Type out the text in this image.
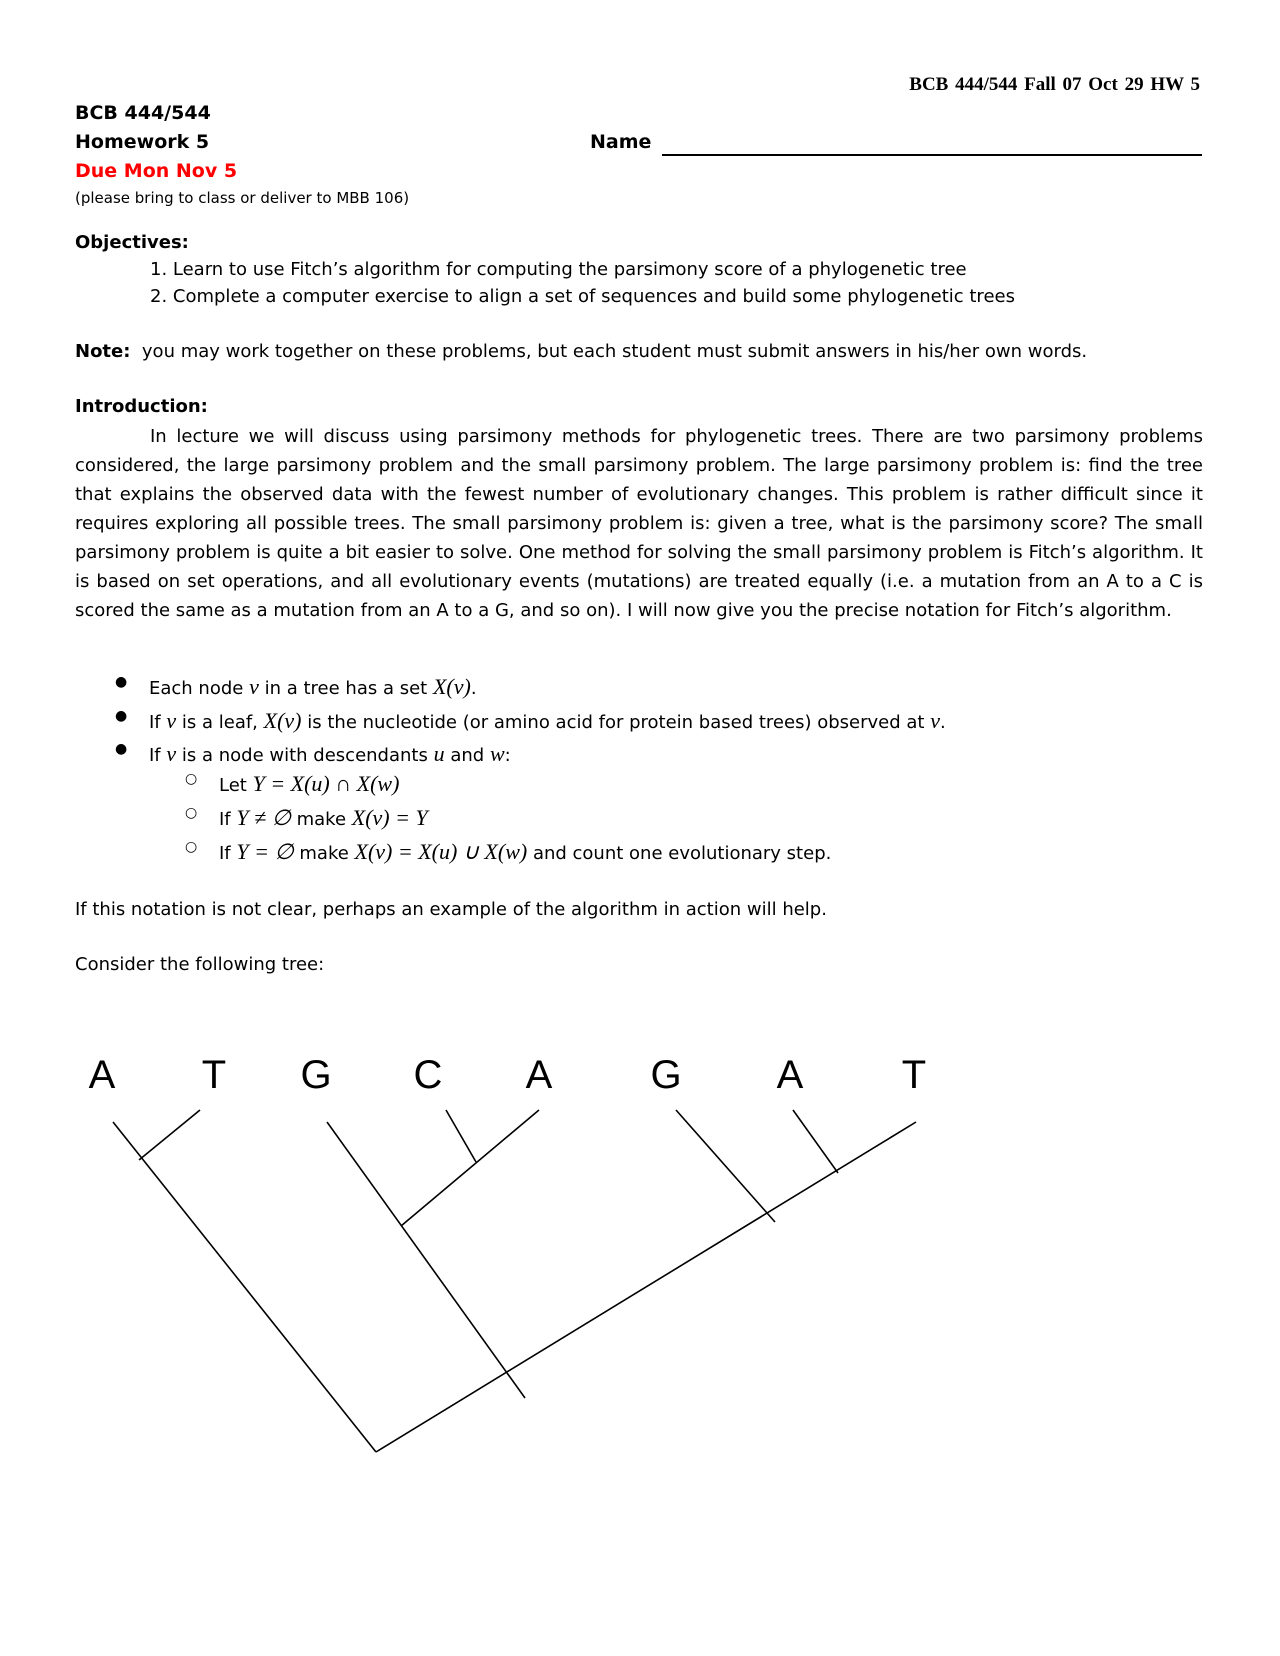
BCB 444/544 Fall 07 Oct 29 HW 5
BCB 444/544
Homework 5
Due Mon Nov 5
(please bring to class or deliver to MBB 106)
Name
Objectives:
1. Learn to use Fitch’s algorithm for computing the parsimony score of a phylogenetic tree
2. Complete a computer exercise to align a set of sequences and build some phylogenetic trees
Note: you may work together on these problems, but each student must submit answers in his/her own words.
Introduction:
In lecture we will discuss using parsimony methods for phylogenetic trees. There are two parsimony problems considered, the large parsimony problem and the small parsimony problem. The large parsimony problem is: find the tree that explains the observed data with the fewest number of evolutionary changes. This problem is rather difficult since it requires exploring all possible trees. The small parsimony problem is: given a tree, what is the parsimony score? The small parsimony problem is quite a bit easier to solve. One method for solving the small parsimony problem is Fitch’s algorithm. It is based on set operations, and all evolutionary events (mutations) are treated equally (i.e. a mutation from an A to a C is scored the same as a mutation from an A to a G, and so on). I will now give you the precise notation for Fitch’s algorithm.
● Each node v in a tree has a set X(v).
● If v is a leaf, X(v) is the nucleotide (or amino acid for protein based trees) observed at v.
● If v is a node with descendants u and w:
○ Let Y = X(u) ∩ X(w)
○ If Y ≠ ∅ make X(v) = Y
○ If Y = ∅ make X(v) = X(u) ∪ X(w) and count one evolutionary step.
If this notation is not clear, perhaps an example of the algorithm in action will help.
Consider the following tree:
A T G C A G A T
